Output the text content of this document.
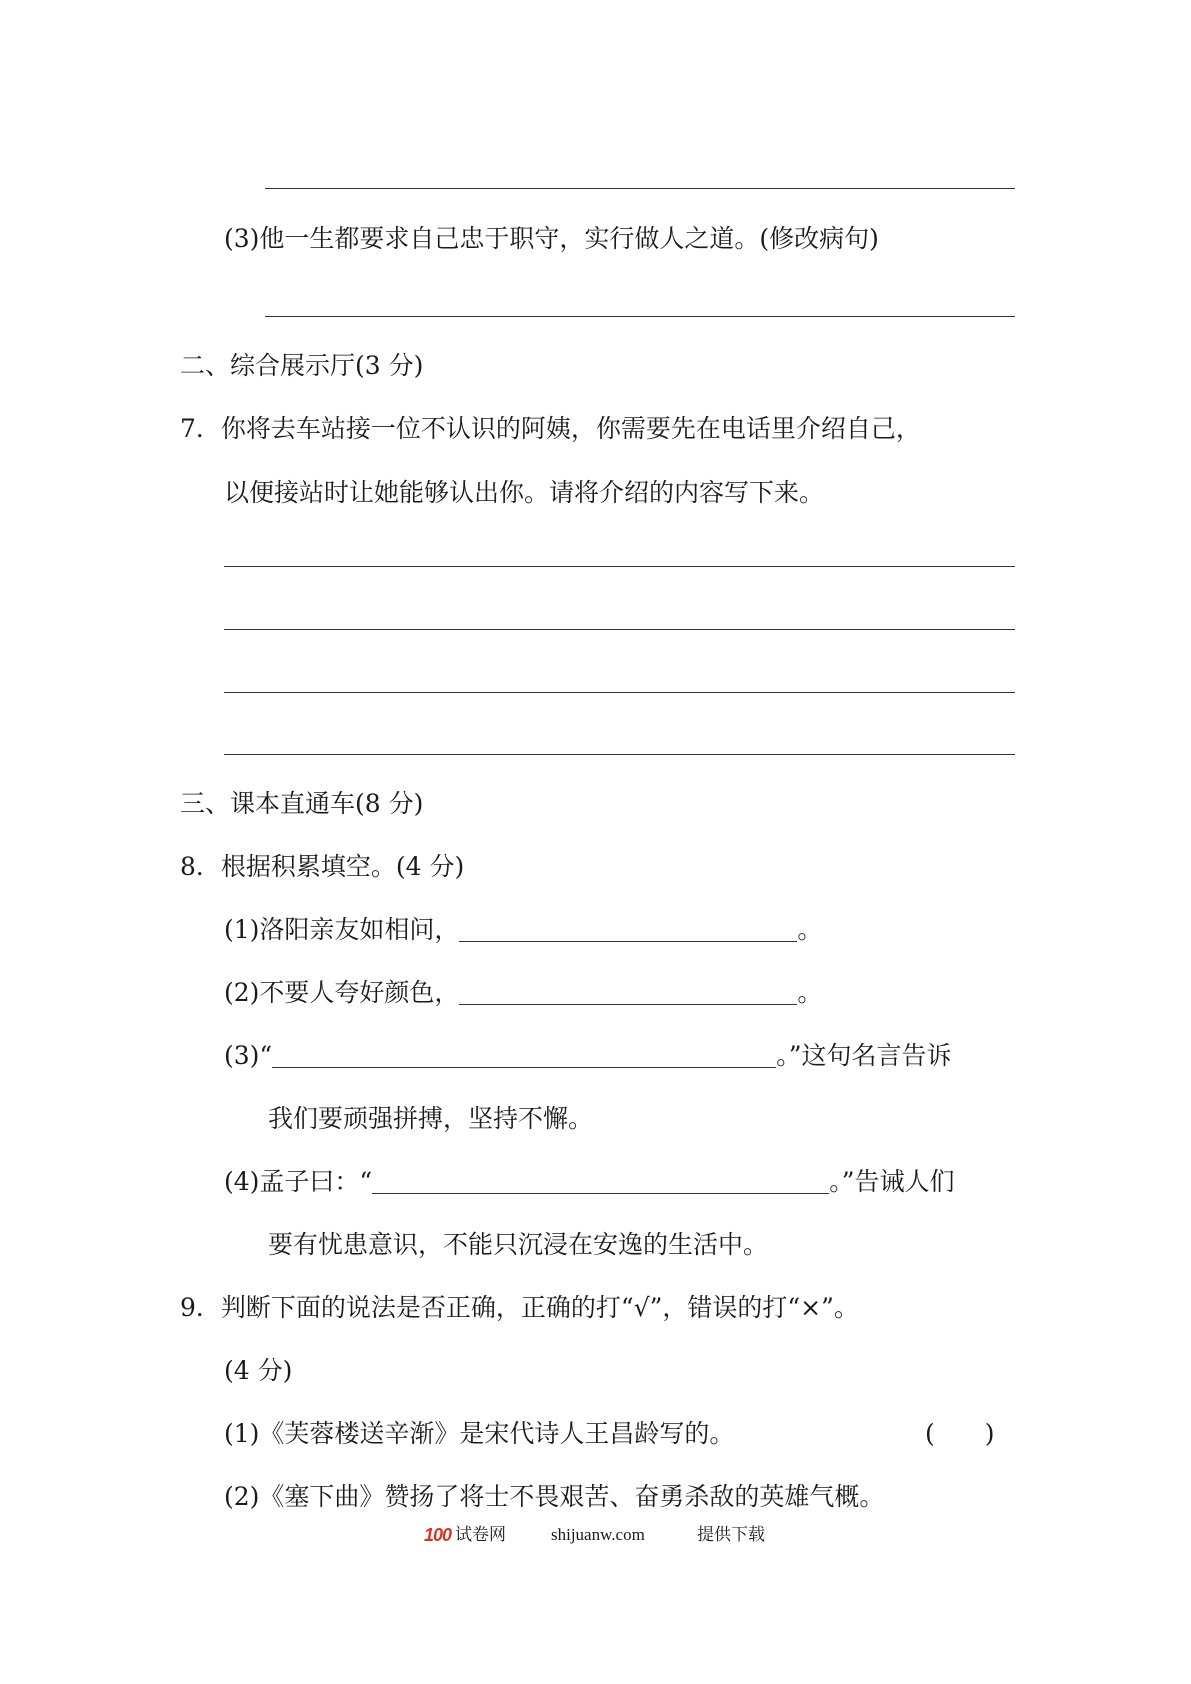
(3)他一生都要求自己忠于职守，实行做人之道。(修改病句)
二、综合展示厅(3 分)
7．你将去车站接一位不认识的阿姨，你需要先在电话里介绍自己，
以便接站时让她能够认出你。请将介绍的内容写下来。
三、课本直通车(8 分)
8．根据积累填空。(4 分)
(1)洛阳亲友如相问，	。
(2)不要人夸好颜色，	。
(3)“	。”这句名言告诉
我们要顽强拼搏，坚持不懈。
(4)孟子曰：“	。”告诫人们
要有忧患意识，不能只沉浸在安逸的生活中。
9．判断下面的说法是否正确，正确的打“√”，错误的打“×”。
(4 分)
(1)《芙蓉楼送辛渐》是宋代诗人王昌龄写的。	(　　)
(2)《塞下曲》赞扬了将士不畏艰苦、奋勇杀敌的英雄气概。
100 试卷网	shijuanw.com	提供下载
